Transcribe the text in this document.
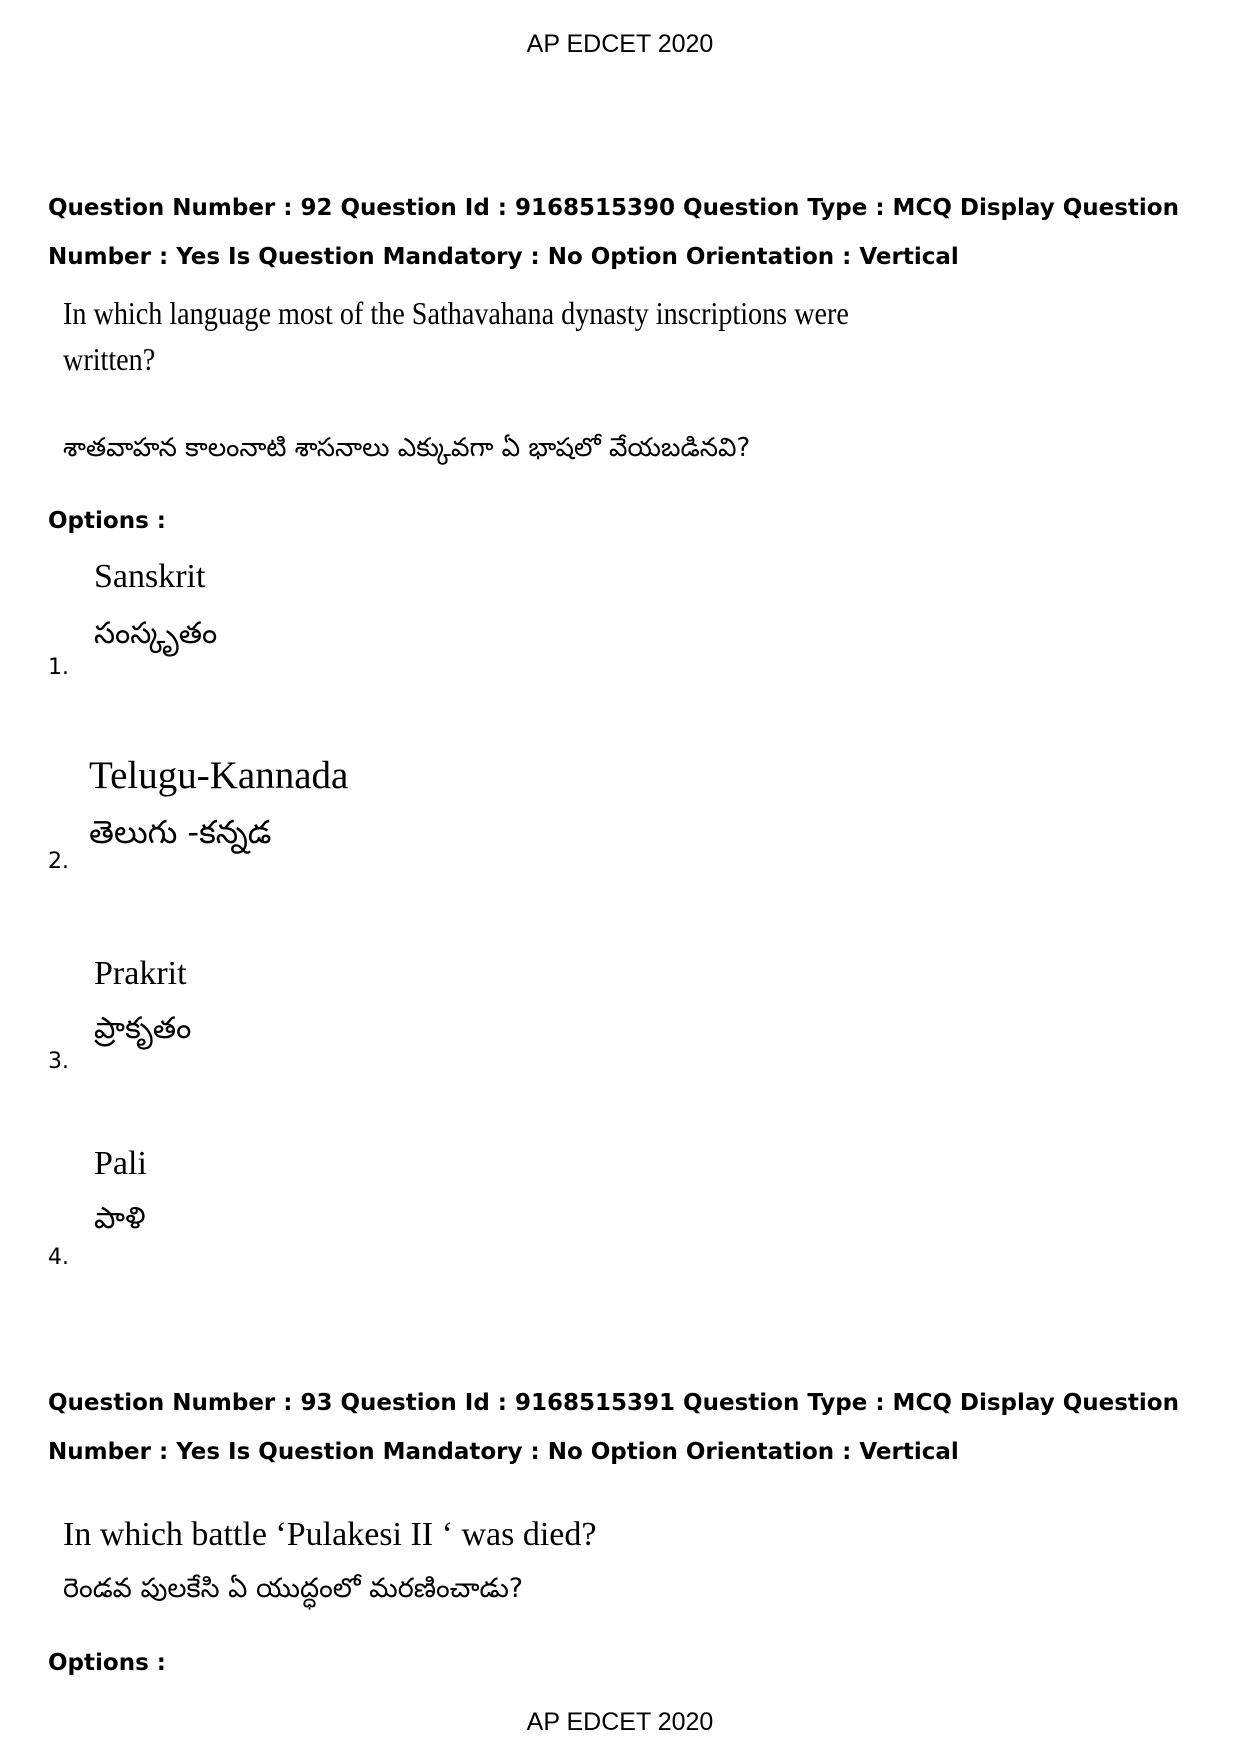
AP EDCET 2020
Question Number : 92 Question Id : 9168515390 Question Type : MCQ Display Question
Number : Yes Is Question Mandatory : No Option Orientation : Vertical
In which language most of the Sathavahana dynasty inscriptions were
written?
శాతవాహన కాలంనాటి శాసనాలు ఎక్కువగా ఏ భాషలో వేయబడినవి?
Options :
Sanskrit
సంస్కృతం
1.
Telugu-Kannada
తెలుగు -కన్నడ
2.
Prakrit
ప్రాకృతం
3.
Pali
పాళి
4.
Question Number : 93 Question Id : 9168515391 Question Type : MCQ Display Question
Number : Yes Is Question Mandatory : No Option Orientation : Vertical
In which battle ‘Pulakesi II ‘ was died?
రెండవ పులకేసి ఏ యుద్ధంలో మరణించాడు?
Options :
AP EDCET 2020
